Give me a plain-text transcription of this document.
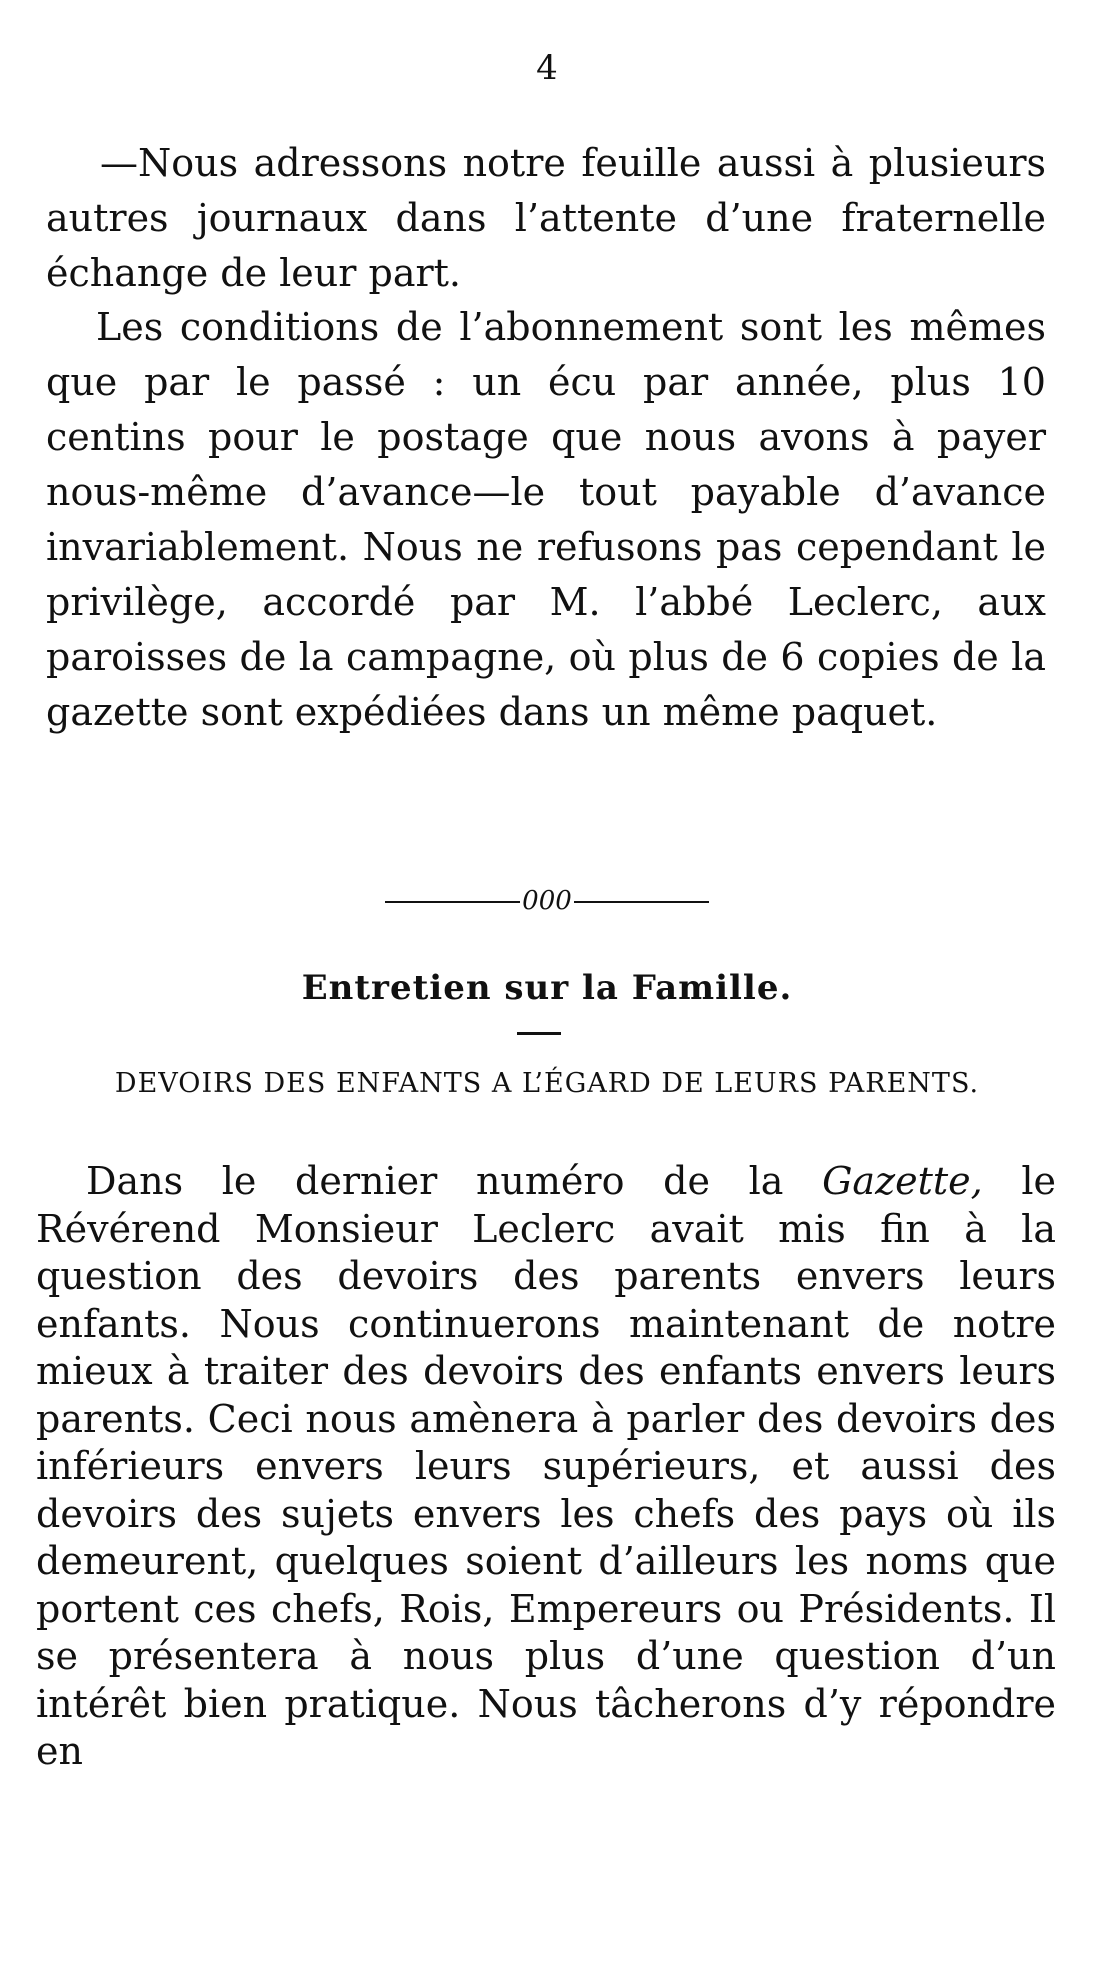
4

—Nous adressons notre feuille aussi à plusieurs autres journaux dans l’attente d’une fraternelle échange de leur part.

Les conditions de l’abonnement sont les mêmes que par le passé : un écu par année, plus 10 centins pour le postage que nous avons à payer nous-même d’avance—le tout payable d’avance invariablement. Nous ne refusons pas cependant le privilège, accordé par M. l’abbé Leclerc, aux paroisses de la campagne, où plus de 6 copies de la gazette sont expédiées dans un même paquet.

000
Entretien sur la Famille.
DEVOIRS DES ENFANTS A L’ÉGARD DE LEURS PARENTS.

Dans le dernier numéro de la Gazette, le Révérend Monsieur Leclerc avait mis fin à la question des devoirs des parents envers leurs enfants. Nous continuerons maintenant de notre mieux à traiter des devoirs des enfants envers leurs parents. Ceci nous amènera à parler des devoirs des inférieurs envers leurs supérieurs, et aussi des devoirs des sujets envers les chefs des pays où ils demeurent, quelques soient d’ailleurs les noms que portent ces chefs, Rois, Empereurs ou Présidents. Il se présentera à nous plus d’une question d’un intérêt bien pratique. Nous tâcherons d’y répondre en
